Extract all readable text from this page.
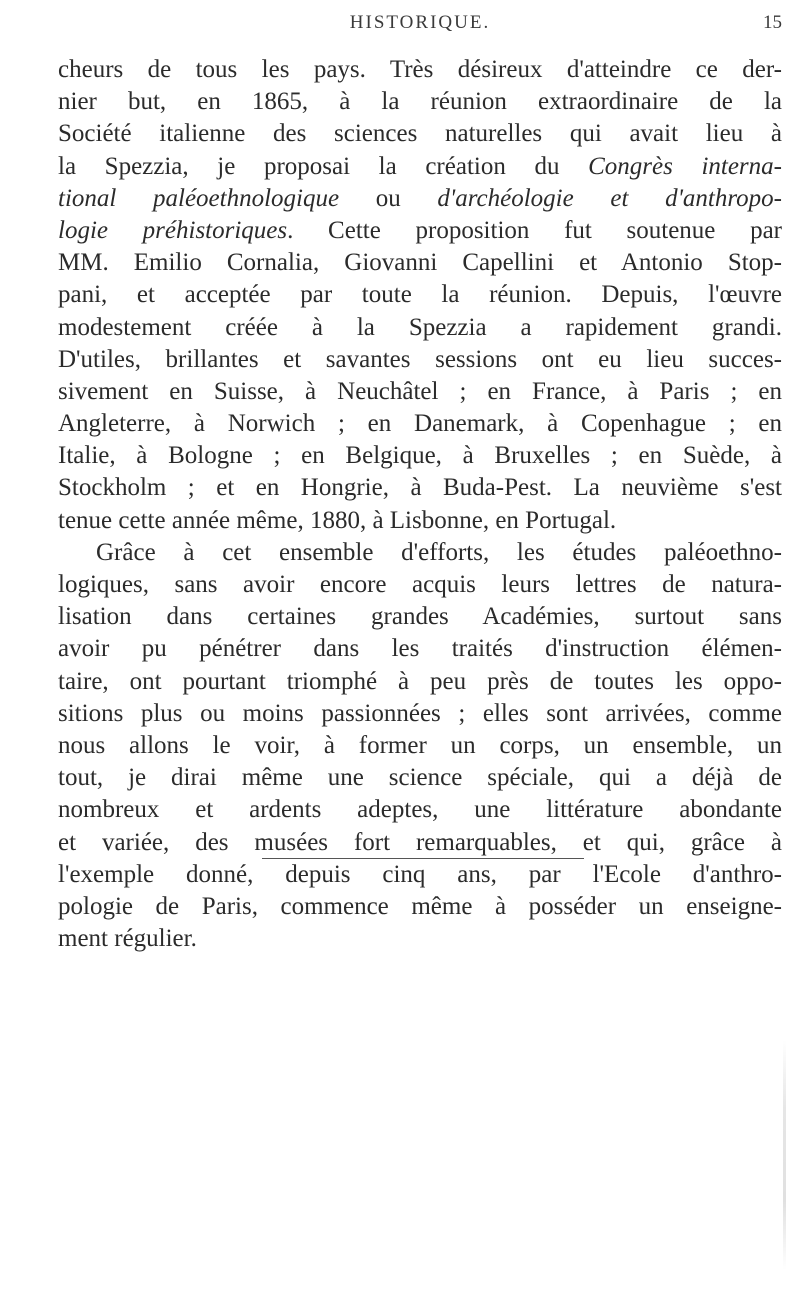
HISTORIQUE.	15
cheurs de tous les pays. Très désireux d'atteindre ce der-
nier but, en 1865, à la réunion extraordinaire de la
Société italienne des sciences naturelles qui avait lieu à
la Spezzia, je proposai la création du Congrès interna-
tional paléoethnologique ou d'archéologie et d'anthropo-
logie préhistoriques. Cette proposition fut soutenue par
MM. Emilio Cornalia, Giovanni Capellini et Antonio Stop-
pani, et acceptée par toute la réunion. Depuis, l'œuvre
modestement créée à la Spezzia a rapidement grandi.
D'utiles, brillantes et savantes sessions ont eu lieu succes-
sivement en Suisse, à Neuchâtel ; en France, à Paris ; en
Angleterre, à Norwich ; en Danemark, à Copenhague ; en
Italie, à Bologne ; en Belgique, à Bruxelles ; en Suède, à
Stockholm ; et en Hongrie, à Buda-Pest. La neuvième s'est
tenue cette année même, 1880, à Lisbonne, en Portugal.
Grâce à cet ensemble d'efforts, les études paléoethno-
logiques, sans avoir encore acquis leurs lettres de natura-
lisation dans certaines grandes Académies, surtout sans
avoir pu pénétrer dans les traités d'instruction élémen-
taire, ont pourtant triomphé à peu près de toutes les oppo-
sitions plus ou moins passionnées ; elles sont arrivées, comme
nous allons le voir, à former un corps, un ensemble, un
tout, je dirai même une science spéciale, qui a déjà de
nombreux et ardents adeptes, une littérature abondante
et variée, des musées fort remarquables, et qui, grâce à
l'exemple donné, depuis cinq ans, par l'Ecole d'anthro-
pologie de Paris, commence même à posséder un enseigne-
ment régulier.
